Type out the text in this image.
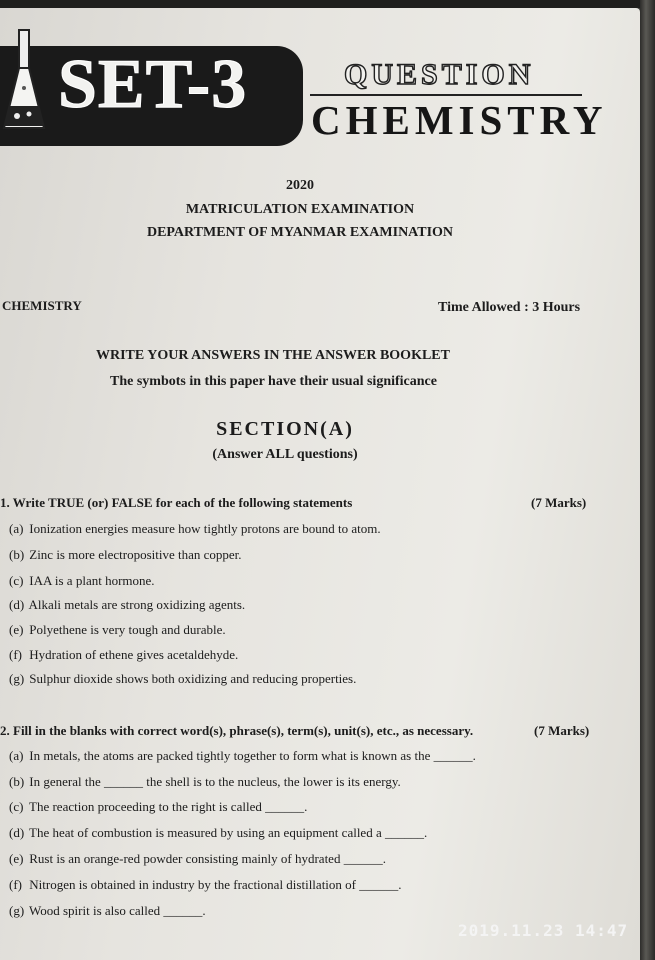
SET-3	QUESTION
CHEMISTRY
2020
MATRICULATION EXAMINATION
DEPARTMENT OF MYANMAR EXAMINATION
CHEMISTRY	Time Allowed : 3 Hours
WRITE YOUR ANSWERS IN THE ANSWER BOOKLET
The symbots in this paper have their usual significance
SECTION(A)
(Answer ALL questions)
1. Write TRUE (or) FALSE for each of the following statements	(7 Marks)
(a) Ionization energies measure how tightly protons are bound to atom.
(b) Zinc is more electropositive than copper.
(c) IAA is a plant hormone.
(d) Alkali metals are strong oxidizing agents.
(e) Polyethene is very tough and durable.
(f) Hydration of ethene gives acetaldehyde.
(g) Sulphur dioxide shows both oxidizing and reducing properties.
2. Fill in the blanks with correct word(s), phrase(s), term(s), unit(s), etc., as necessary.	(7 Marks)
(a) In metals, the atoms are packed tightly together to form what is known as the ______.
(b) In general the ______ the shell is to the nucleus, the lower is its energy.
(c) The reaction proceeding to the right is called ______.
(d) The heat of combustion is measured by using an equipment called a ______.
(e) Rust is an orange-red powder consisting mainly of hydrated ______.
(f) Nitrogen is obtained in industry by the fractional distillation of ______.
(g) Wood spirit is also called ______.
2019.11.23 14:47
